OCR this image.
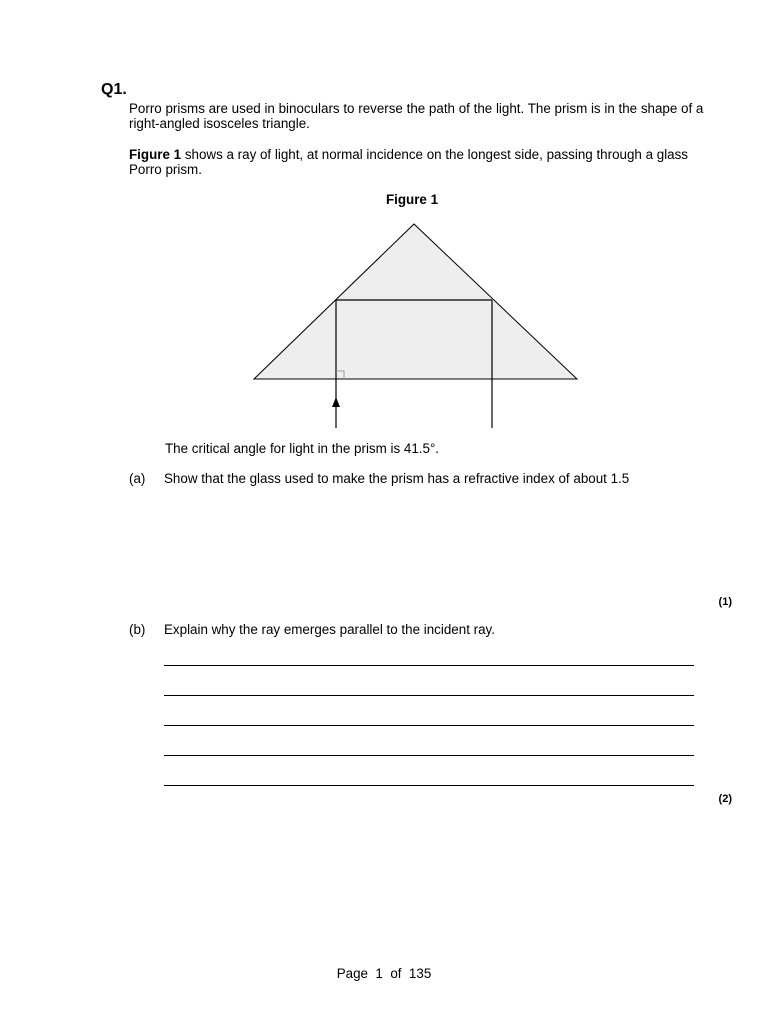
Q1.

Porro prisms are used in binoculars to reverse the path of the light. The prism is in the shape of a right-angled isosceles triangle.

Figure 1 shows a ray of light, at normal incidence on the longest side, passing through a glass Porro prism.

Figure 1

The critical angle for light in the prism is 41.5°.

(a) Show that the glass used to make the prism has a refractive index of about 1.5

(1)

(b) Explain why the ray emerges parallel to the incident ray.

(2)

Page  1  of  135
